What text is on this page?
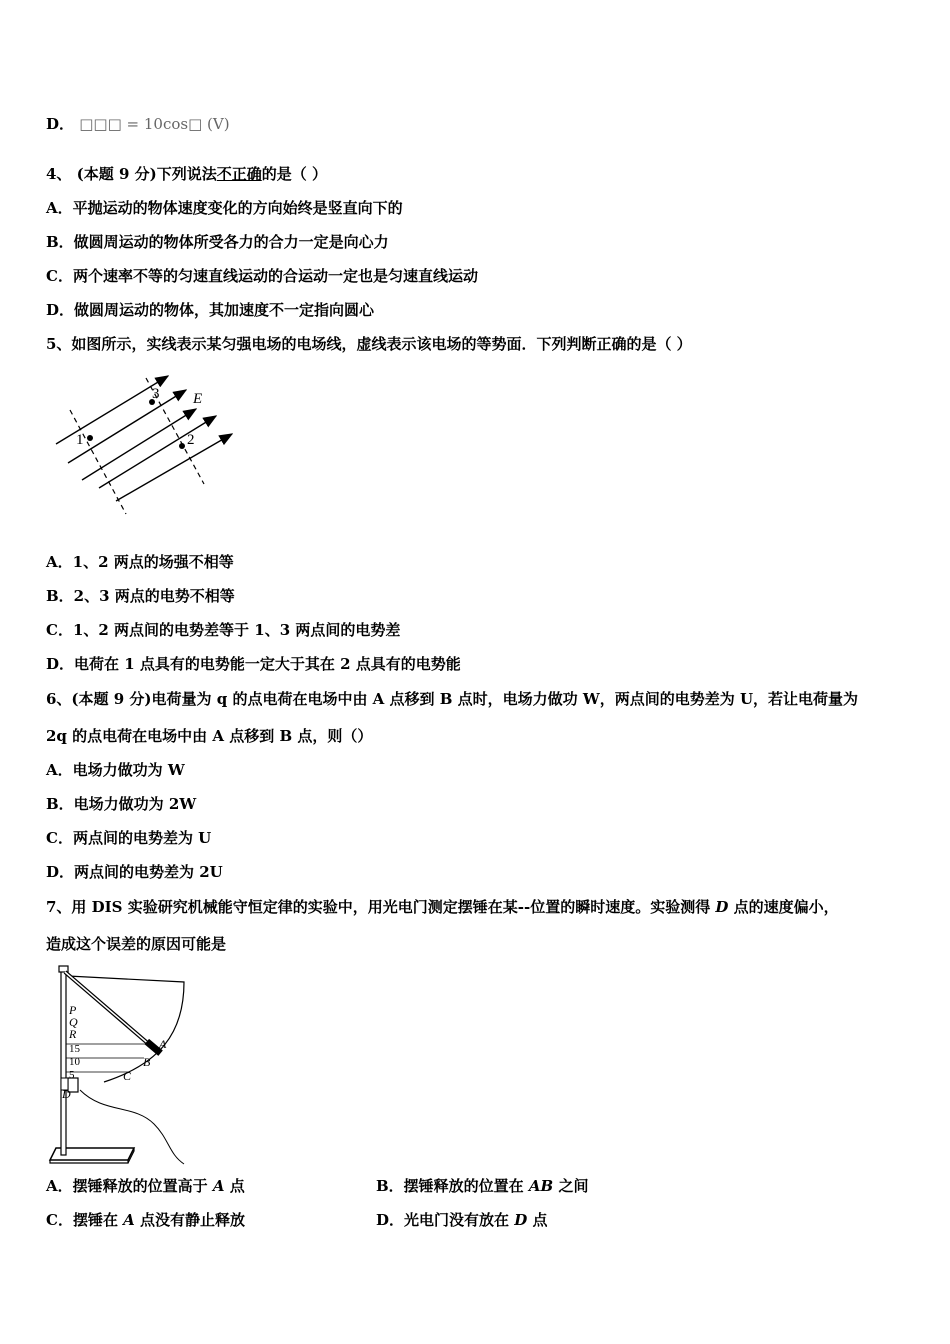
D． □□□ = 10cos□ (V)
4、 (本题 9 分)下列说法不正确的是（ ）
A．平抛运动的物体速度变化的方向始终是竖直向下的
B．做圆周运动的物体所受各力的合力一定是向心力
C．两个速率不等的匀速直线运动的合运动一定也是匀速直线运动
D．做圆周运动的物体，其加速度不一定指向圆心
5、如图所示，实线表示某匀强电场的电场线，虚线表示该电场的等势面．下列判断正确的是（ ）
1	2
3 E
A．1、2 两点的场强不相等
B．2、3 两点的电势不相等
C．1、2 两点间的电势差等于 1、3 两点间的电势差
D．电荷在 1 点具有的电势能一定大于其在 2 点具有的电势能
6、(本题 9 分)电荷量为 q 的点电荷在电场中由 A 点移到 B 点时，电场力做功 W，两点间的电势差为 U，若让电荷量为
2q 的点电荷在电场中由 A 点移到 B 点，则（）
A．电场力做功为 W
B．电场力做功为 2W
C．两点间的电势差为 U
D．两点间的电势差为 2U
7、用 DIS 实验研究机械能守恒定律的实验中，用光电门测定摆锤在某--位置的瞬时速度。实验测得 D 点的速度偏小，
造成这个误差的原因可能是
P
Q
R
15
10
5
A
B
C
D
A．摆锤释放的位置高于 A 点	B．摆锤释放的位置在 AB 之间
C．摆锤在 A 点没有静止释放	D．光电门没有放在 D 点
